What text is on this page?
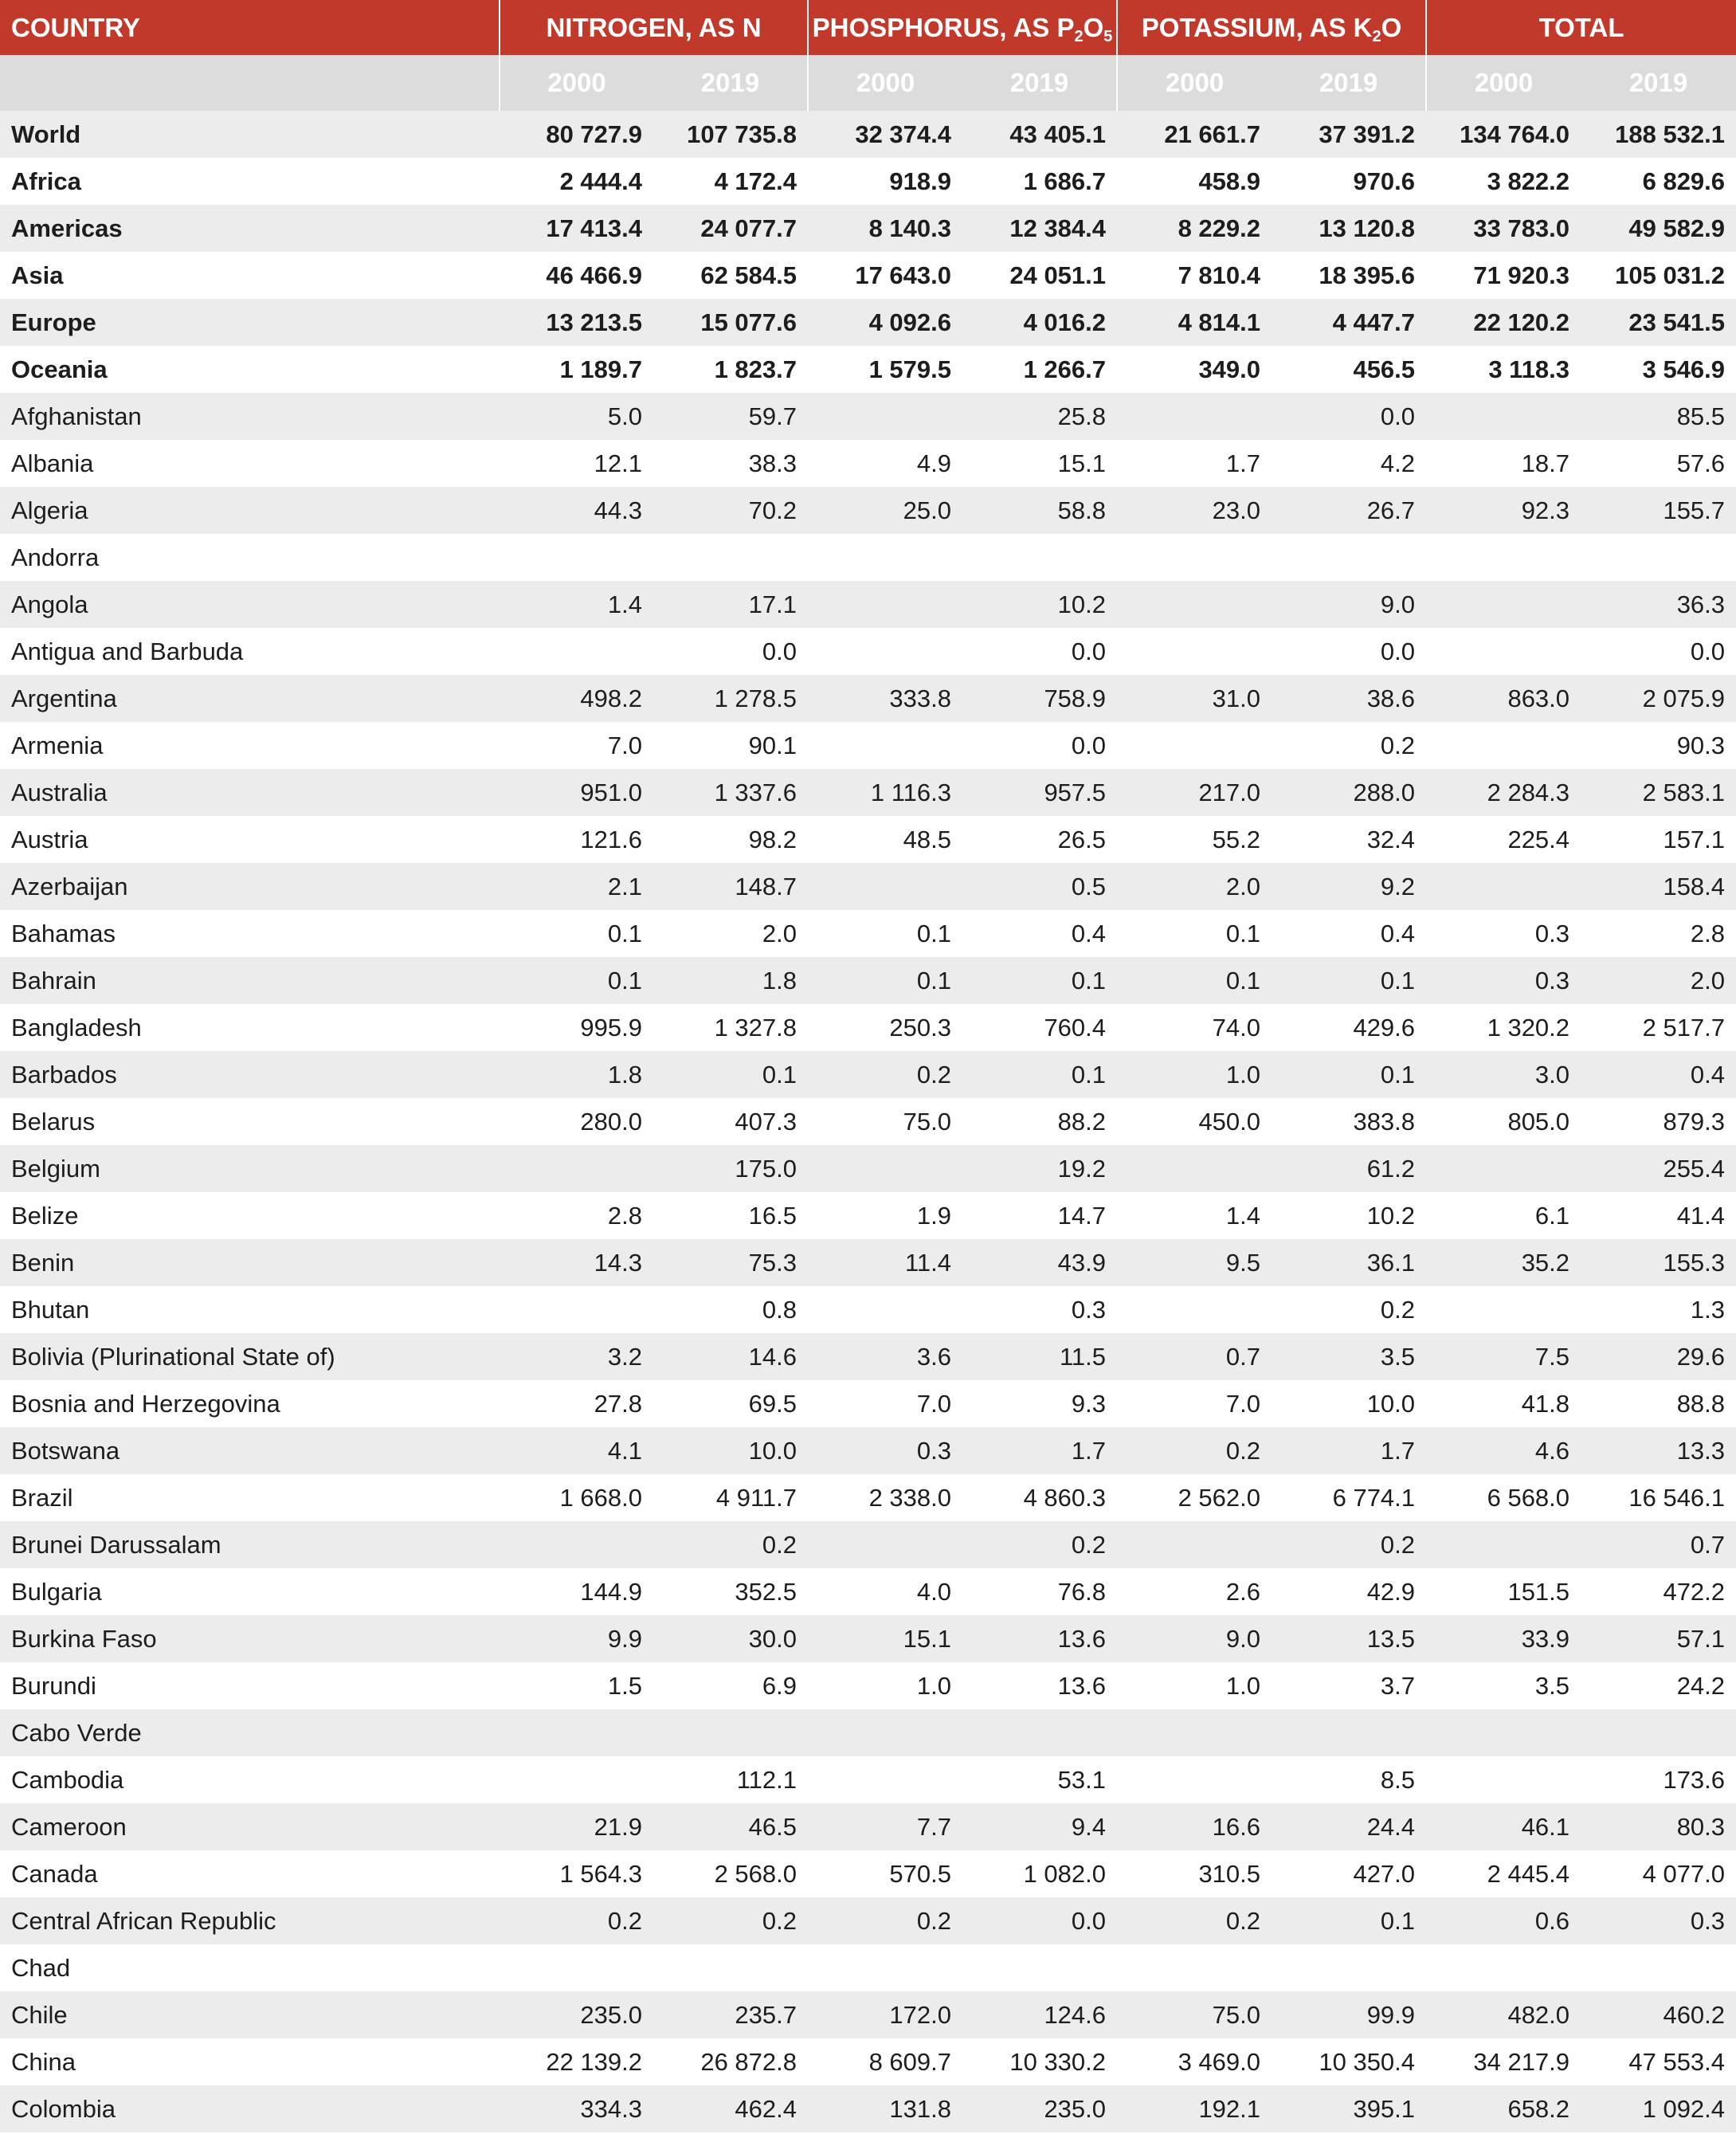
COUNTRY	NITROGEN, AS N		PHOSPHORUS, AS $P_2O_5$		POTASSIUM, AS $K_2O$		TOTAL	
	2000	2019	2000	2019	2000	2019	2000	2019
World	80 727.9	107 735.8	32 374.4	43 405.1	21 661.7	37 391.2	134 764.0	188 532.1
Africa	2 444.4	4 172.4	918.9	1 686.7	458.9	970.6	3 822.2	6 829.6
Americas	17 413.4	24 077.7	8 140.3	12 384.4	8 229.2	13 120.8	33 783.0	49 582.9
Asia	46 466.9	62 584.5	17 643.0	24 051.1	7 810.4	18 395.6	71 920.3	105 031.2
Europe	13 213.5	15 077.6	4 092.6	4 016.2	4 814.1	4 447.7	22 120.2	23 541.5
Oceania	1 189.7	1 823.7	1 579.5	1 266.7	349.0	456.5	3 118.3	3 546.9
Afghanistan	5.0	59.7		25.8		0.0		85.5
Albania	12.1	38.3	4.9	15.1	1.7	4.2	18.7	57.6
Algeria	44.3	70.2	25.0	58.8	23.0	26.7	92.3	155.7
Andorra								
Angola	1.4	17.1		10.2		9.0		36.3
Antigua and Barbuda		0.0		0.0		0.0		0.0
Argentina	498.2	1 278.5	333.8	758.9	31.0	38.6	863.0	2 075.9
Armenia	7.0	90.1		0.0		0.2		90.3
Australia	951.0	1 337.6	1 116.3	957.5	217.0	288.0	2 284.3	2 583.1
Austria	121.6	98.2	48.5	26.5	55.2	32.4	225.4	157.1
Azerbaijan	2.1	148.7		0.5	2.0	9.2		158.4
Bahamas	0.1	2.0	0.1	0.4	0.1	0.4	0.3	2.8
Bahrain	0.1	1.8	0.1	0.1	0.1	0.1	0.3	2.0
Bangladesh	995.9	1 327.8	250.3	760.4	74.0	429.6	1 320.2	2 517.7
Barbados	1.8	0.1	0.2	0.1	1.0	0.1	3.0	0.4
Belarus	280.0	407.3	75.0	88.2	450.0	383.8	805.0	879.3
Belgium		175.0		19.2		61.2		255.4
Belize	2.8	16.5	1.9	14.7	1.4	10.2	6.1	41.4
Benin	14.3	75.3	11.4	43.9	9.5	36.1	35.2	155.3
Bhutan		0.8		0.3		0.2		1.3
Bolivia (Plurinational State of)	3.2	14.6	3.6	11.5	0.7	3.5	7.5	29.6
Bosnia and Herzegovina	27.8	69.5	7.0	9.3	7.0	10.0	41.8	88.8
Botswana	4.1	10.0	0.3	1.7	0.2	1.7	4.6	13.3
Brazil	1 668.0	4 911.7	2 338.0	4 860.3	2 562.0	6 774.1	6 568.0	16 546.1
Brunei Darussalam		0.2		0.2		0.2		0.7
Bulgaria	144.9	352.5	4.0	76.8	2.6	42.9	151.5	472.2
Burkina Faso	9.9	30.0	15.1	13.6	9.0	13.5	33.9	57.1
Burundi	1.5	6.9	1.0	13.6	1.0	3.7	3.5	24.2
Cabo Verde								
Cambodia		112.1		53.1		8.5		173.6
Cameroon	21.9	46.5	7.7	9.4	16.6	24.4	46.1	80.3
Canada	1 564.3	2 568.0	570.5	1 082.0	310.5	427.0	2 445.4	4 077.0
Central African Republic	0.2	0.2	0.2	0.0	0.2	0.1	0.6	0.3
Chad								
Chile	235.0	235.7	172.0	124.6	75.0	99.9	482.0	460.2
China	22 139.2	26 872.8	8 609.7	10 330.2	3 469.0	10 350.4	34 217.9	47 553.4
Colombia	334.3	462.4	131.8	235.0	192.1	395.1	658.2	1 092.4
